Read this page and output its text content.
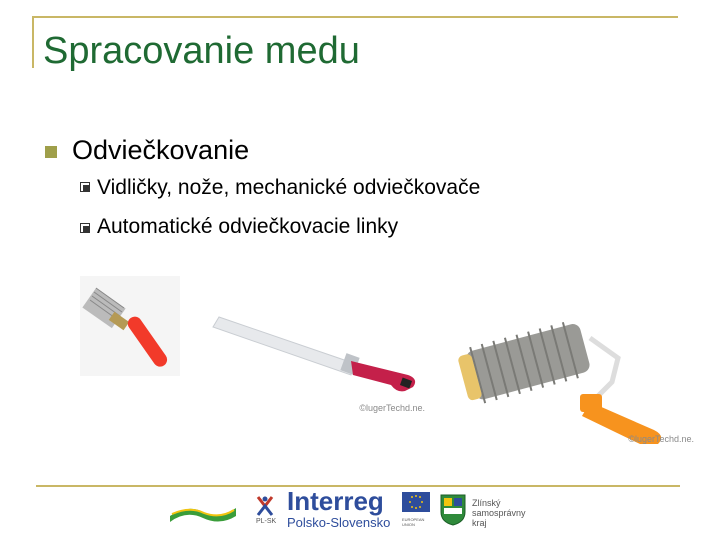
Spracovanie medu
Odviečkovanie
Vidličky, nože, mechanické odviečkovače
Automatické odviečkovacie linky
©lugerTechd.ne.
©lugerTechd.ne.
PL-SK
Interreg
Polsko-Slovensko	EUROPEAN UNION
Zlínský
samosprávny
kraj
